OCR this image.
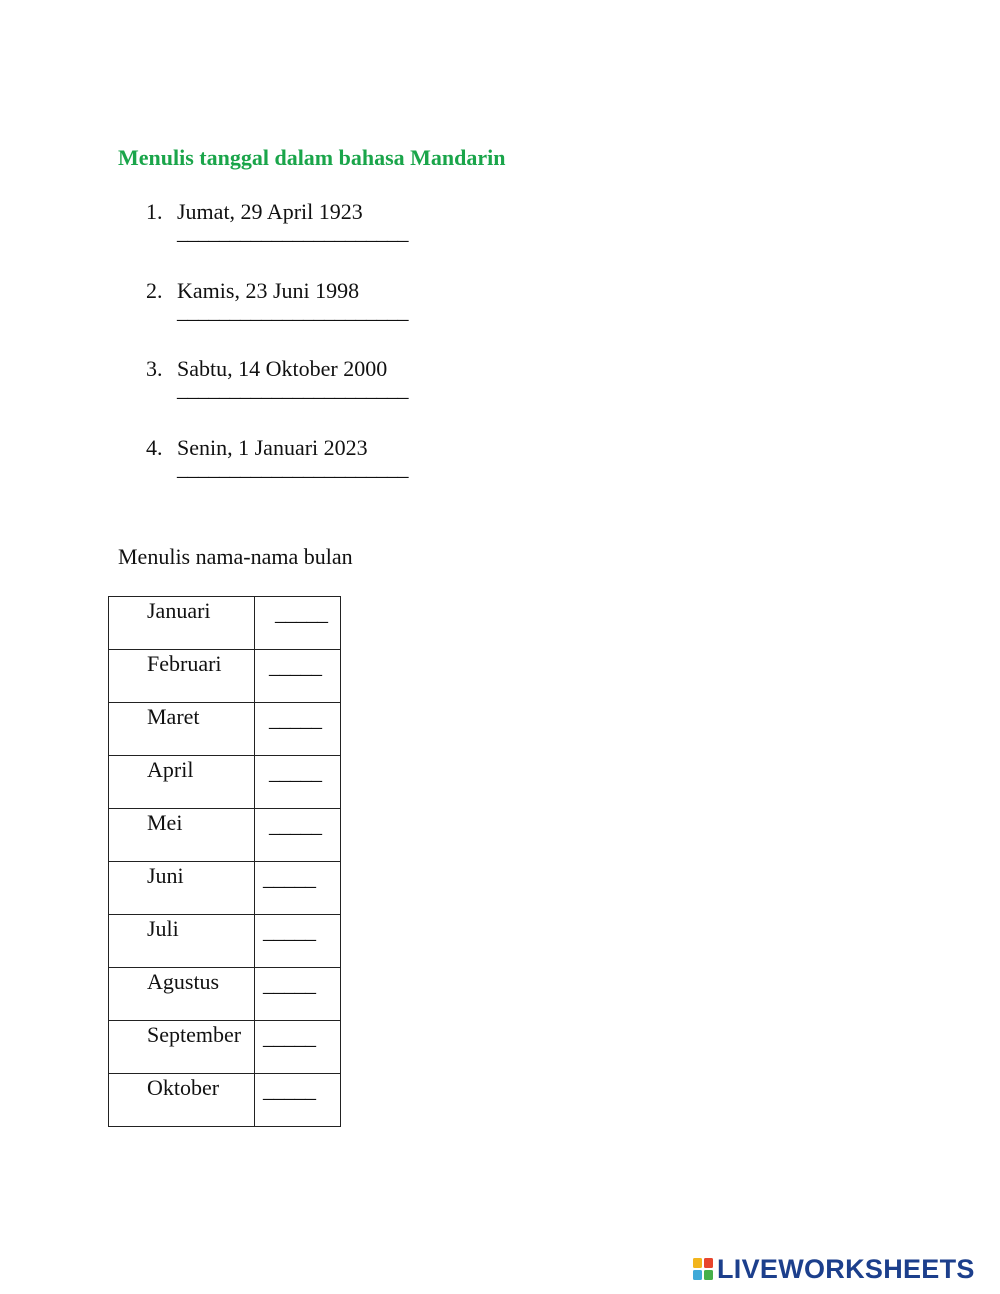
Menulis tanggal dalam bahasa Mandarin
1. Jumat, 29 April 1923
______________________
2. Kamis, 23 Juni 1998
______________________
3. Sabtu, 14 Oktober 2000
______________________
4. Senin, 1 Januari 2023
______________________
Menulis nama-nama bulan
Januari	_____

Februari	_____

Maret	_____

April	_____

Mei	_____

Juni	_____

Juli	_____

Agustus	_____

September	_____

Oktober	_____
LIVEWORKSHEETS
